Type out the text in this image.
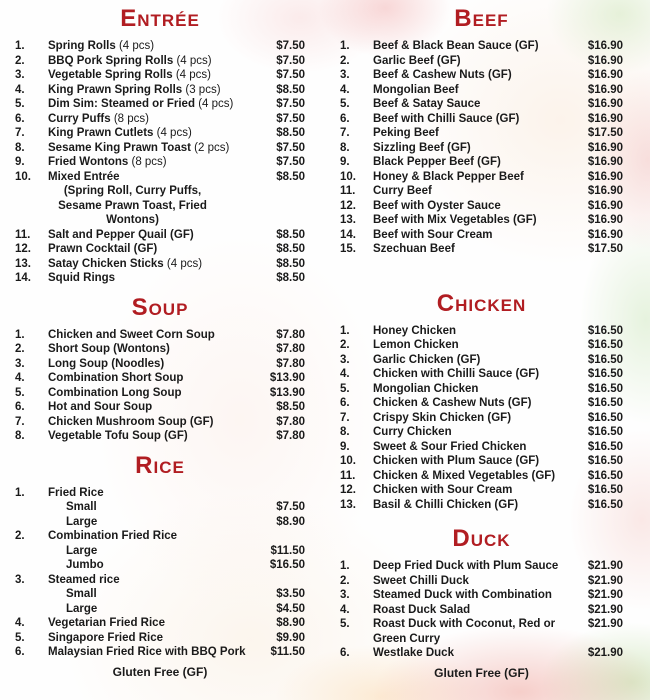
Entrée
1.	Spring Rolls (4 pcs)	$7.50
2.	BBQ Pork Spring Rolls (4 pcs)	$7.50
3.	Vegetable Spring Rolls (4 pcs)	$7.50
4.	King Prawn Spring Rolls (3 pcs)	$8.50
5.	Dim Sim: Steamed or Fried (4 pcs)	$7.50
6.	Curry Puffs (8 pcs)	$7.50
7.	King Prawn Cutlets (4 pcs)	$8.50
8.	Sesame King Prawn Toast (2 pcs)	$7.50
9.	Fried Wontons (8 pcs)	$7.50
10.	Mixed Entrée	$8.50
(Spring Roll, Curry Puffs,
Sesame Prawn Toast, Fried
Wontons)
11.	Salt and Pepper Quail (GF)	$8.50
12.	Prawn Cocktail (GF)	$8.50
13.	Satay Chicken Sticks (4 pcs)	$8.50
14.	Squid Rings	$8.50
Soup
1.	Chicken and Sweet Corn Soup	$7.80
2.	Short Soup (Wontons)	$7.80
3.	Long Soup (Noodles)	$7.80
4.	Combination Short Soup	$13.90
5.	Combination Long Soup	$13.90
6.	Hot and Sour Soup	$8.50
7.	Chicken Mushroom Soup (GF)	$7.80
8.	Vegetable Tofu Soup (GF)	$7.80
Rice
1.	Fried Rice
Small	$7.50
Large	$8.90
2.	Combination Fried Rice
Large	$11.50
Jumbo	$16.50
3.	Steamed rice
Small	$3.50
Large	$4.50
4.	Vegetarian Fried Rice	$8.90
5.	Singapore Fried Rice	$9.90
6.	Malaysian Fried Rice with BBQ Pork	$11.50
Gluten Free (GF)
Beef
1.	Beef & Black Bean Sauce (GF)	$16.90
2.	Garlic Beef (GF)	$16.90
3.	Beef & Cashew Nuts (GF)	$16.90
4.	Mongolian Beef	$16.90
5.	Beef & Satay Sauce	$16.90
6.	Beef with Chilli Sauce (GF)	$16.90
7.	Peking Beef	$17.50
8.	Sizzling Beef (GF)	$16.90
9.	Black Pepper Beef (GF)	$16.90
10.	Honey & Black Pepper Beef	$16.90
11.	Curry Beef	$16.90
12.	Beef with Oyster Sauce	$16.90
13.	Beef with Mix Vegetables (GF)	$16.90
14.	Beef with Sour Cream	$16.90
15.	Szechuan Beef	$17.50
Chicken
1.	Honey Chicken	$16.50
2.	Lemon Chicken	$16.50
3.	Garlic Chicken (GF)	$16.50
4.	Chicken with Chilli Sauce (GF)	$16.50
5.	Mongolian Chicken	$16.50
6.	Chicken & Cashew Nuts (GF)	$16.50
7.	Crispy Skin Chicken (GF)	$16.50
8.	Curry Chicken	$16.50
9.	Sweet & Sour Fried Chicken	$16.50
10.	Chicken with Plum Sauce (GF)	$16.50
11.	Chicken & Mixed Vegetables (GF)	$16.50
12.	Chicken with Sour Cream	$16.50
13.	Basil & Chilli Chicken (GF)	$16.50
Duck
1.	Deep Fried Duck with Plum Sauce	$21.90
2.	Sweet Chilli Duck	$21.90
3.	Steamed Duck with Combination	$21.90
4.	Roast Duck Salad	$21.90
5.	Roast Duck with Coconut, Red or	$21.90
Green Curry
6.	Westlake Duck	$21.90
Gluten Free (GF)
